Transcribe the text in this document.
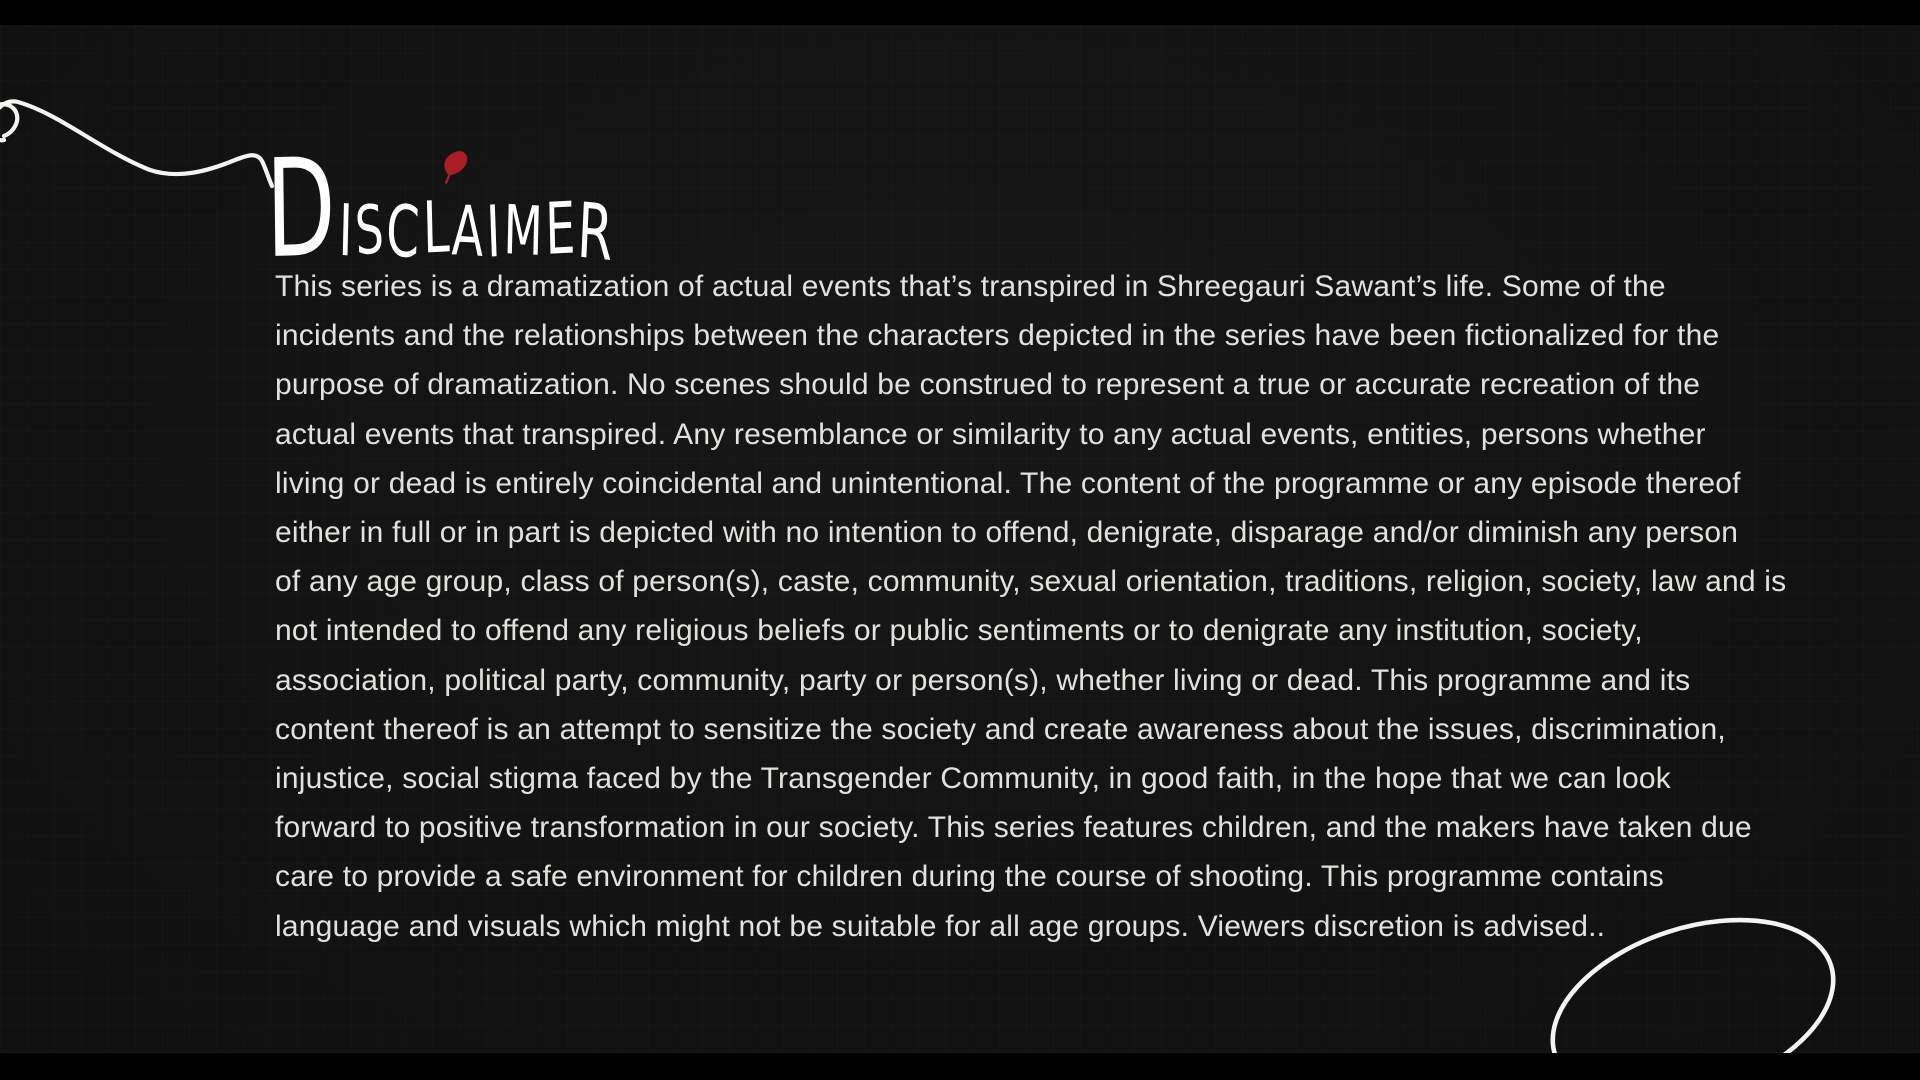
DISCLAIMER
This series is a dramatization of actual events that’s transpired in Shreegauri Sawant’s life. Some of the
incidents and the relationships between the characters depicted in the series have been fictionalized for the
purpose of dramatization. No scenes should be construed to represent a true or accurate recreation of the
actual events that transpired. Any resemblance or similarity to any actual events, entities, persons whether
living or dead is entirely coincidental and unintentional. The content of the programme or any episode thereof
either in full or in part is depicted with no intention to offend, denigrate, disparage and/or diminish any person
of any age group, class of person(s), caste, community, sexual orientation, traditions, religion, society, law and is
not intended to offend any religious beliefs or public sentiments or to denigrate any institution, society,
association, political party, community, party or person(s), whether living or dead. This programme and its
content thereof is an attempt to sensitize the society and create awareness about the issues, discrimination,
injustice, social stigma faced by the Transgender Community, in good faith, in the hope that we can look
forward to positive transformation in our society. This series features children, and the makers have taken due
care to provide a safe environment for children during the course of shooting. This programme contains
language and visuals which might not be suitable for all age groups. Viewers discretion is advised..
